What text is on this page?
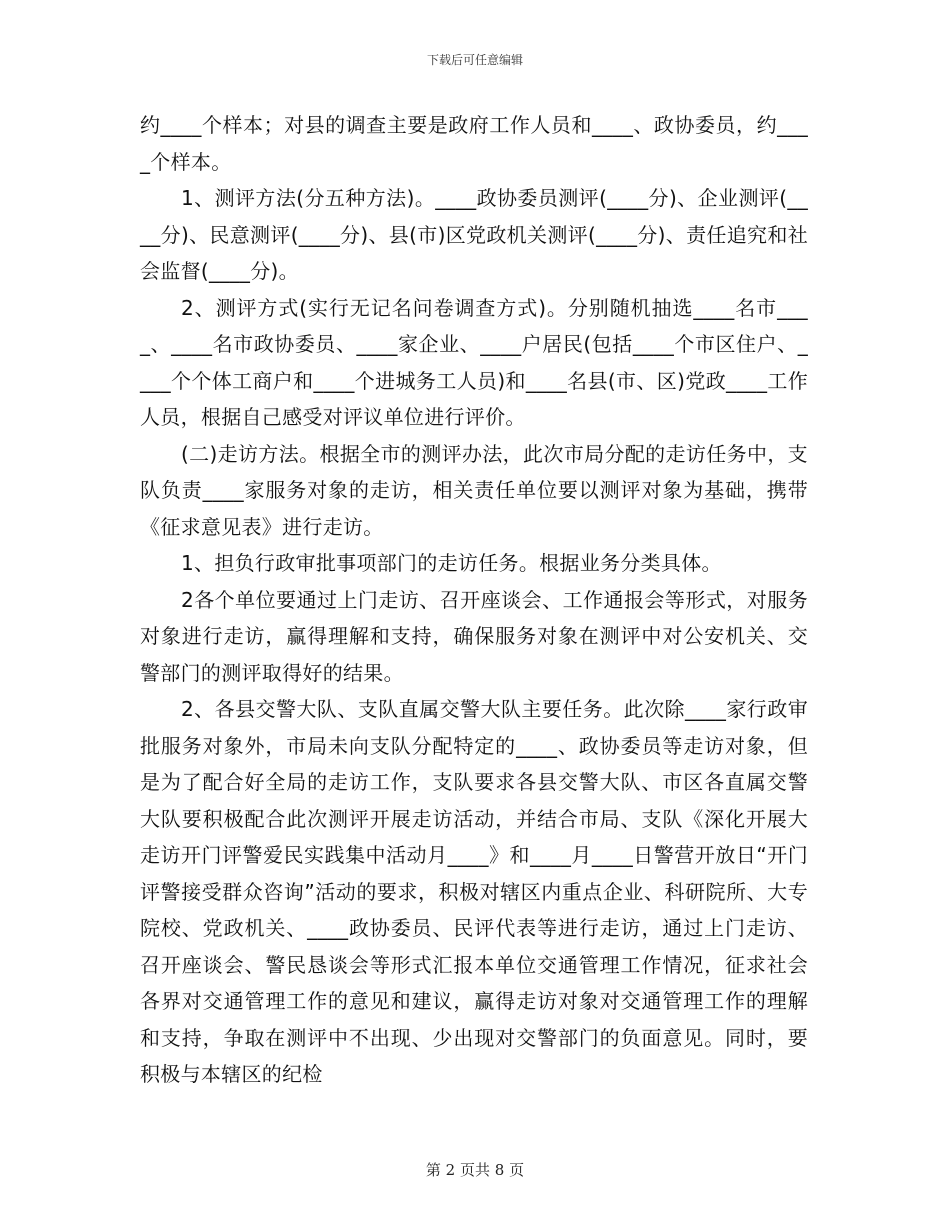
下载后可任意编辑

约____个样本；对县的调查主要是政府工作人员和____、政协委员，约____个样本。

1、测评方法(分五种方法)。____政协委员测评(____分)、企业测评(____分)、民意测评(____分)、县(市)区党政机关测评(____分)、责任追究和社会监督(____分)。

2、测评方式(实行无记名问卷调查方式)。分别随机抽选____名市____、____名市政协委员、____家企业、____户居民(包括____个市区住户、____个个体工商户和____个进城务工人员)和____名县(市、区)党政____工作人员，根据自己感受对评议单位进行评价。

(二)走访方法。根据全市的测评办法，此次市局分配的走访任务中，支队负责____家服务对象的走访，相关责任单位要以测评对象为基础，携带《征求意见表》进行走访。

1、担负行政审批事项部门的走访任务。根据业务分类具体。

2各个单位要通过上门走访、召开座谈会、工作通报会等形式，对服务对象进行走访，赢得理解和支持，确保服务对象在测评中对公安机关、交警部门的测评取得好的结果。

2、各县交警大队、支队直属交警大队主要任务。此次除____家行政审批服务对象外，市局未向支队分配特定的____、政协委员等走访对象，但是为了配合好全局的走访工作，支队要求各县交警大队、市区各直属交警大队要积极配合此次测评开展走访活动，并结合市局、支队《深化开展大走访开门评警爱民实践集中活动月____》和____月____日警营开放日“开门评警接受群众咨询”活动的要求，积极对辖区内重点企业、科研院所、大专院校、党政机关、____政协委员、民评代表等进行走访，通过上门走访、召开座谈会、警民恳谈会等形式汇报本单位交通管理工作情况，征求社会各界对交通管理工作的意见和建议，赢得走访对象对交通管理工作的理解和支持，争取在测评中不出现、少出现对交警部门的负面意见。同时，要积极与本辖区的纪检

第 2 页共 8 页
